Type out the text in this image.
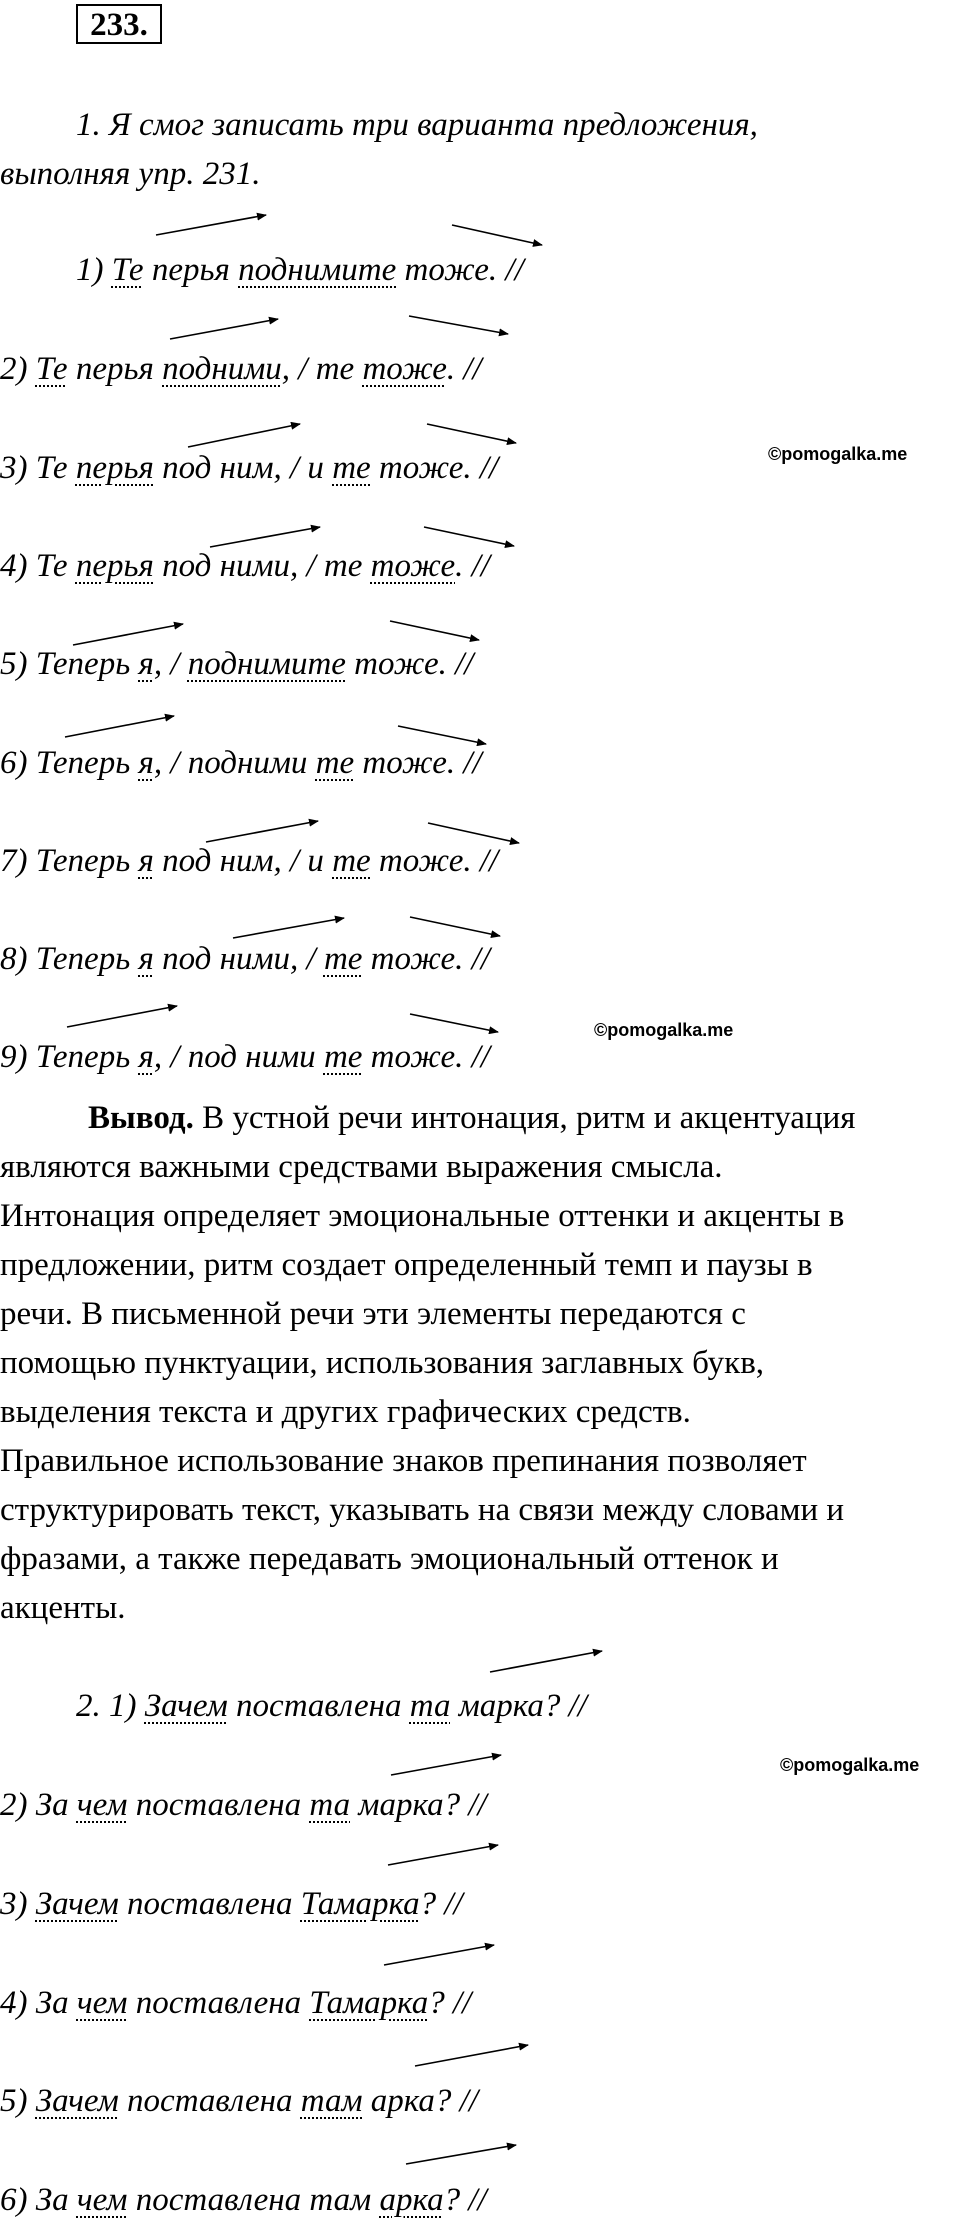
233.
1. Я смог записать три варианта предложения,
выполняя упр. 231.
1) Те перья поднимите тоже. //
2) Те перья подними, / те тоже. //
3) Те перья под ним, / и те тоже. //
4) Те перья под ними, / те тоже. //
5) Теперь я, / поднимите тоже. //
6) Теперь я, / подними те тоже. //
7) Теперь я под ним, / и те тоже. //
8) Теперь я под ними, / те тоже. //
9) Теперь я, / под ними те тоже. //
Вывод. В устной речи интонация, ритм и акцентуация
являются важными средствами выражения смысла.
Интонация определяет эмоциональные оттенки и акценты в
предложении, ритм создает определенный темп и паузы в
речи. В письменной речи эти элементы передаются с
помощью пунктуации, использования заглавных букв,
выделения текста и других графических средств.
Правильное использование знаков препинания позволяет
структурировать текст, указывать на связи между словами и
фразами, а также передавать эмоциональный оттенок и
акценты.
2. 1) Зачем поставлена та марка? //
2) За чем поставлена та марка? //
3) Зачем поставлена Тамарка? //
4) За чем поставлена Тамарка? //
5) Зачем поставлена там арка? //
6) За чем поставлена там арка? //
©pomogalka.me
©pomogalka.me
©pomogalka.me
